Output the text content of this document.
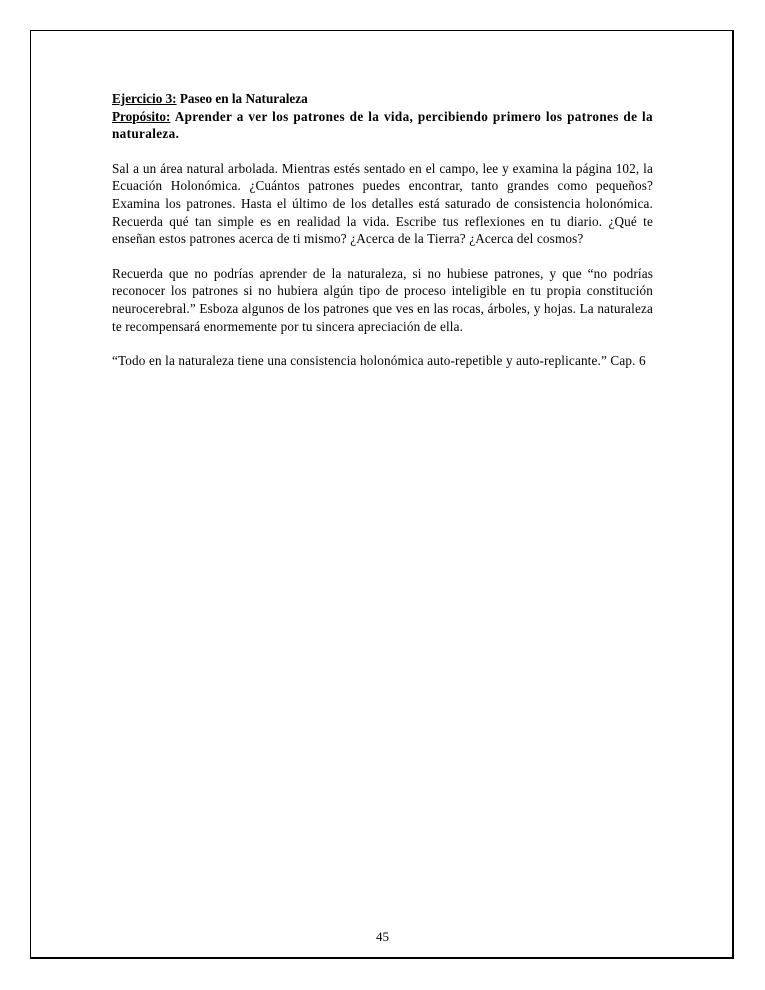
Ejercicio 3: Paseo en la Naturaleza

Propósito: Aprender a ver los patrones de la vida, percibiendo primero los patrones de la naturaleza.

Sal a un área natural arbolada. Mientras estés sentado en el campo, lee y examina la página 102, la Ecuación Holonómica. ¿Cuántos patrones puedes encontrar, tanto grandes como pequeños? Examina los patrones. Hasta el último de los detalles está saturado de consistencia holonómica. Recuerda qué tan simple es en realidad la vida. Escribe tus reflexiones en tu diario. ¿Qué te enseñan estos patrones acerca de ti mismo? ¿Acerca de la Tierra? ¿Acerca del cosmos?

Recuerda que no podrías aprender de la naturaleza, si no hubiese patrones, y que “no podrías reconocer los patrones si no hubiera algún tipo de proceso inteligible en tu propia constitución neurocerebral.” Esboza algunos de los patrones que ves en las rocas, árboles, y hojas. La naturaleza te recompensará enormemente por tu sincera apreciación de ella.

“Todo en la naturaleza tiene una consistencia holonómica auto-repetible y auto-replicante.” Cap. 6

45
